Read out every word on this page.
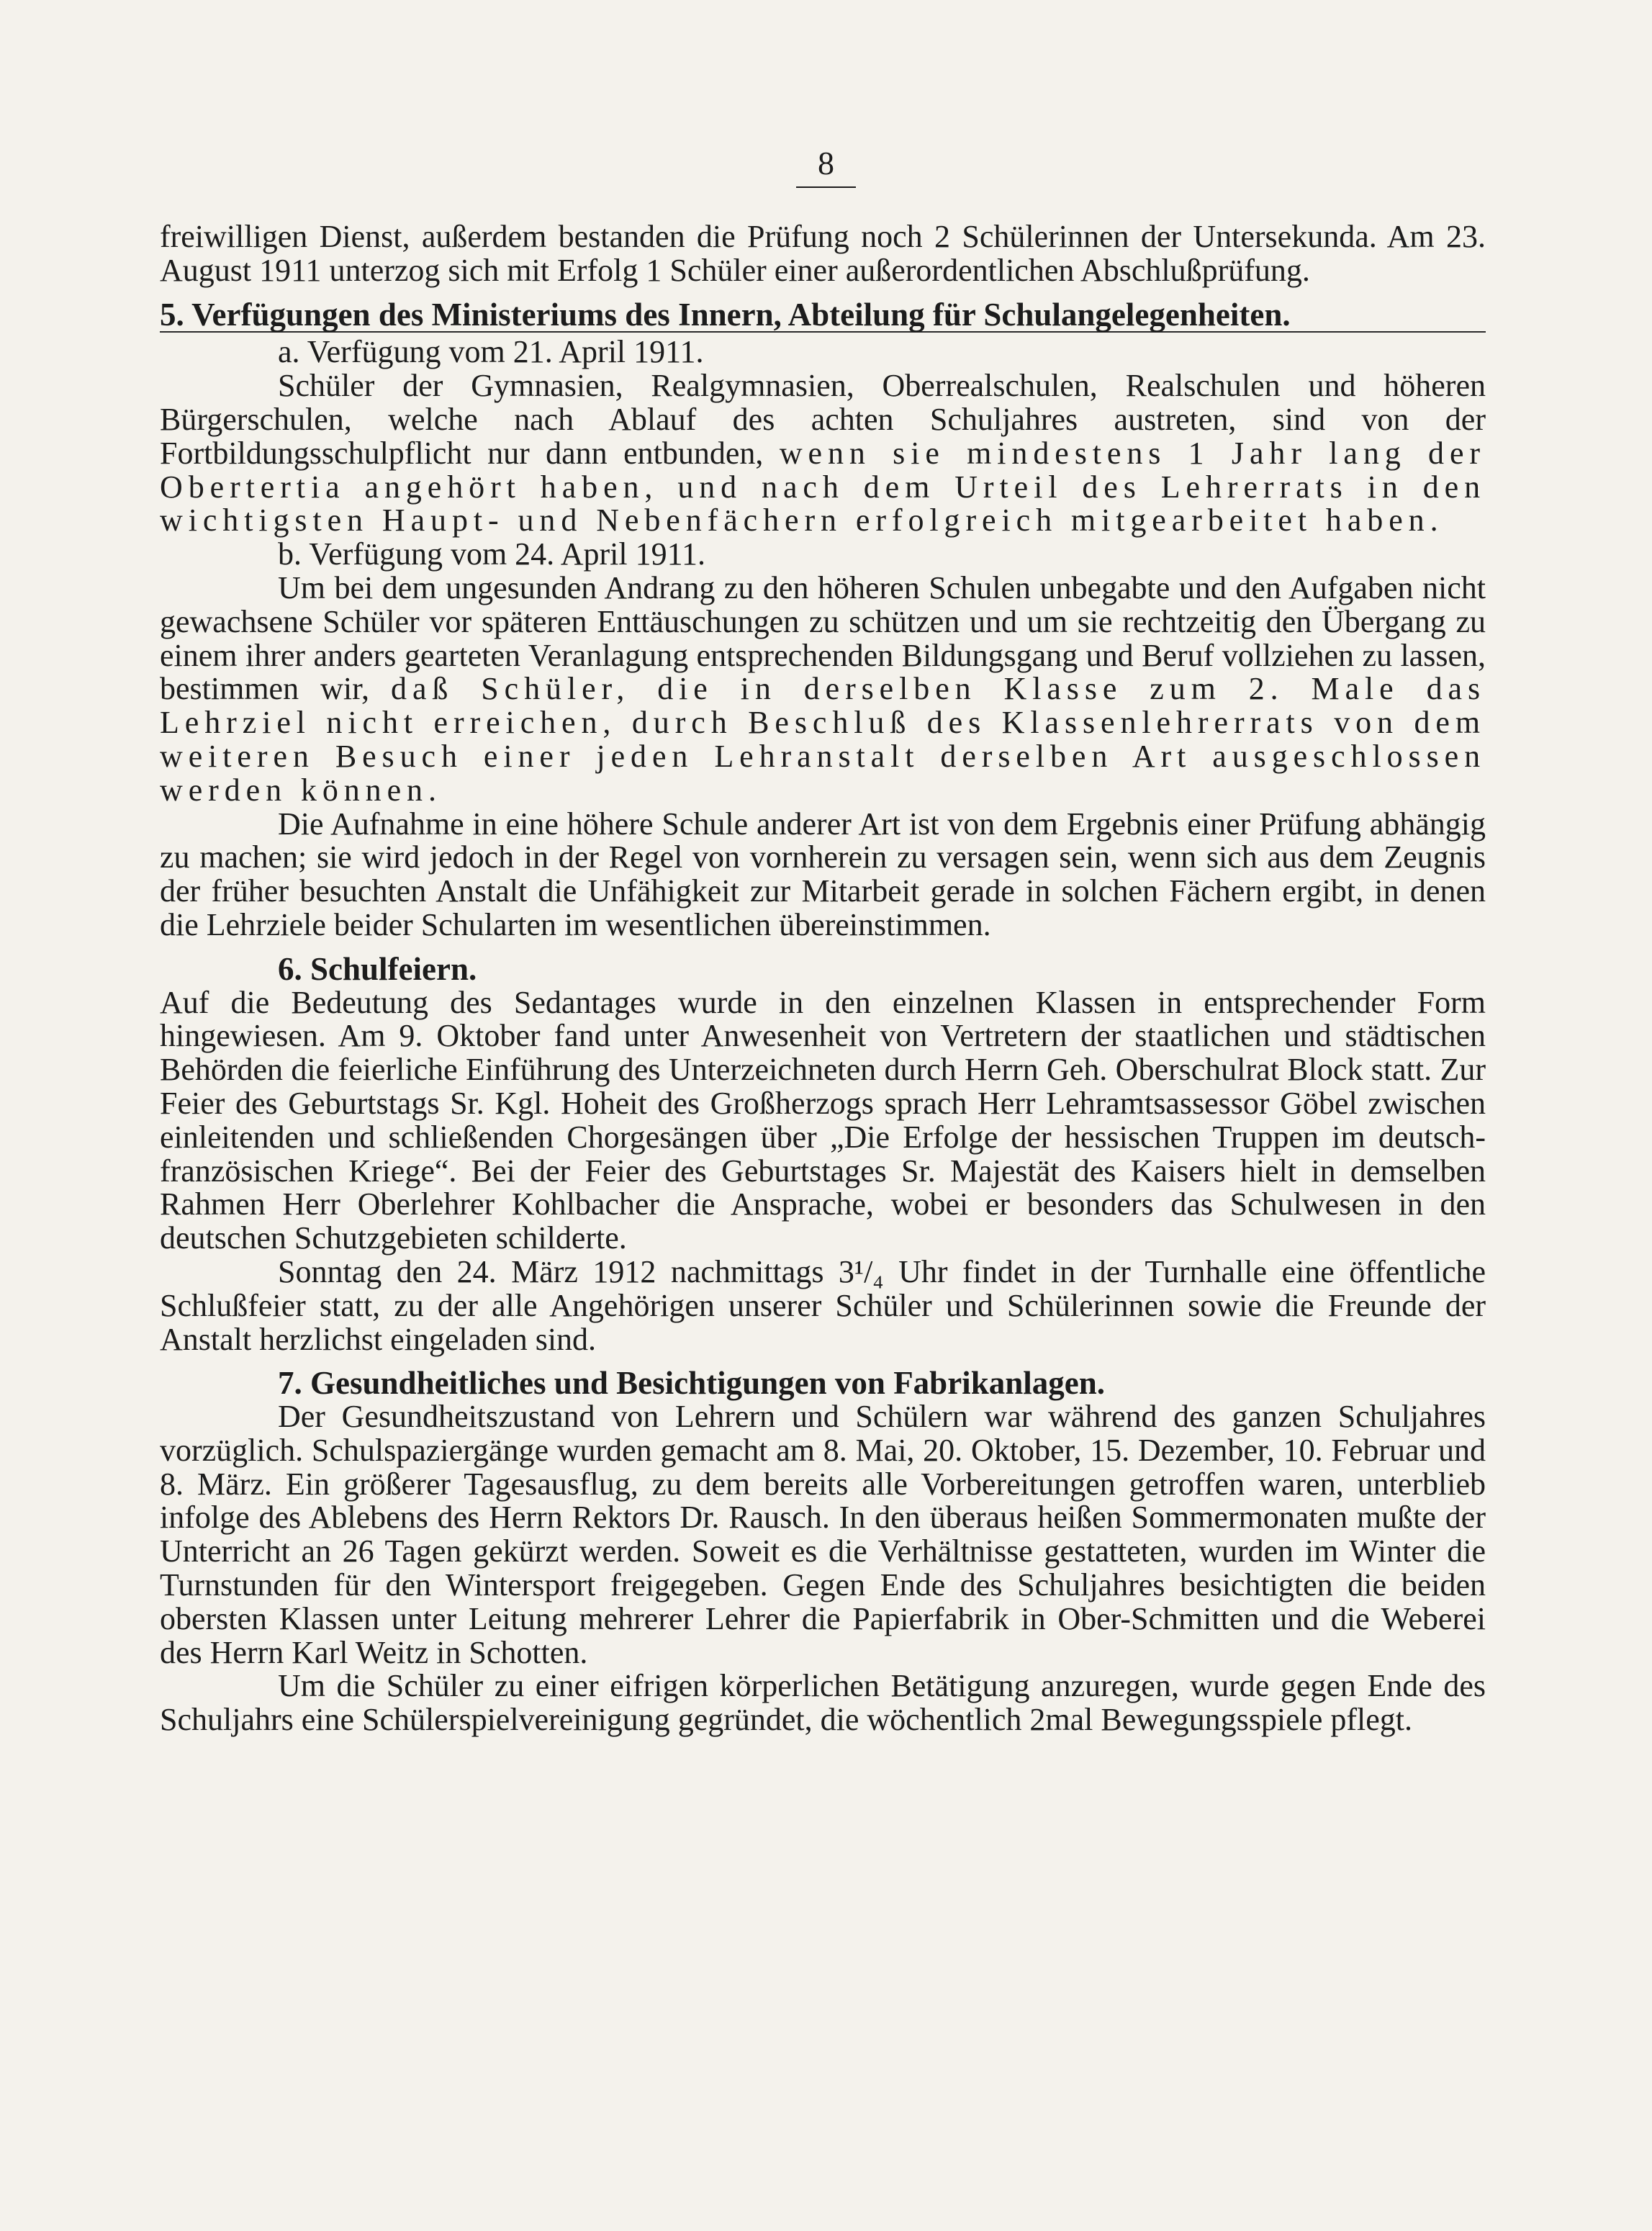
8

freiwilligen Dienst, außerdem bestanden die Prüfung noch 2 Schülerinnen der Untersekunda. Am 23. August 1911 unterzog sich mit Erfolg 1 Schüler einer außerordentlichen Abschlußprüfung.

5. Verfügungen des Ministeriums des Innern, Abteilung für Schulangelegenheiten.

a. Verfügung vom 21. April 1911.

Schüler der Gymnasien, Realgymnasien, Oberrealschulen, Realschulen und höheren Bürgerschulen, welche nach Ablauf des achten Schuljahres austreten, sind von der Fortbildungsschulpflicht nur dann entbunden, wenn sie mindestens 1 Jahr lang der Obertertia angehört haben, und nach dem Urteil des Lehrerrats in den wichtigsten Haupt- und Nebenfächern erfolgreich mitgearbeitet haben.

b. Verfügung vom 24. April 1911.

Um bei dem ungesunden Andrang zu den höheren Schulen unbegabte und den Aufgaben nicht gewachsene Schüler vor späteren Enttäuschungen zu schützen und um sie rechtzeitig den Übergang zu einem ihrer anders gearteten Veranlagung entsprechenden Bildungsgang und Beruf vollziehen zu lassen, bestimmen wir, daß Schüler, die in derselben Klasse zum 2. Male das Lehrziel nicht erreichen, durch Beschluß des Klassenlehrerrats von dem weiteren Besuch einer jeden Lehranstalt derselben Art ausgeschlossen werden können.

Die Aufnahme in eine höhere Schule anderer Art ist von dem Ergebnis einer Prüfung abhängig zu machen; sie wird jedoch in der Regel von vornherein zu versagen sein, wenn sich aus dem Zeugnis der früher besuchten Anstalt die Unfähigkeit zur Mitarbeit gerade in solchen Fächern ergibt, in denen die Lehrziele beider Schularten im wesentlichen übereinstimmen.

6. Schulfeiern.

Auf die Bedeutung des Sedantages wurde in den einzelnen Klassen in entsprechender Form hingewiesen. Am 9. Oktober fand unter Anwesenheit von Vertretern der staatlichen und städtischen Behörden die feierliche Einführung des Unterzeichneten durch Herrn Geh. Oberschulrat Block statt. Zur Feier des Geburtstags Sr. Kgl. Hoheit des Großherzogs sprach Herr Lehramtsassessor Göbel zwischen einleitenden und schließenden Chorgesängen über „Die Erfolge der hessischen Truppen im deutsch-französischen Kriege“. Bei der Feier des Geburtstages Sr. Majestät des Kaisers hielt in demselben Rahmen Herr Oberlehrer Kohlbacher die Ansprache, wobei er besonders das Schulwesen in den deutschen Schutzgebieten schilderte.

Sonntag den 24. März 1912 nachmittags 3¹/₄ Uhr findet in der Turnhalle eine öffentliche Schlußfeier statt, zu der alle Angehörigen unserer Schüler und Schülerinnen sowie die Freunde der Anstalt herzlichst eingeladen sind.

7. Gesundheitliches und Besichtigungen von Fabrikanlagen.

Der Gesundheitszustand von Lehrern und Schülern war während des ganzen Schuljahres vorzüglich. Schulspaziergänge wurden gemacht am 8. Mai, 20. Oktober, 15. Dezember, 10. Februar und 8. März. Ein größerer Tagesausflug, zu dem bereits alle Vorbereitungen getroffen waren, unterblieb infolge des Ablebens des Herrn Rektors Dr. Rausch. In den überaus heißen Sommermonaten mußte der Unterricht an 26 Tagen gekürzt werden. Soweit es die Verhältnisse gestatteten, wurden im Winter die Turnstunden für den Wintersport freigegeben. Gegen Ende des Schuljahres besichtigten die beiden obersten Klassen unter Leitung mehrerer Lehrer die Papierfabrik in Ober-Schmitten und die Weberei des Herrn Karl Weitz in Schotten.

Um die Schüler zu einer eifrigen körperlichen Betätigung anzuregen, wurde gegen Ende des Schuljahrs eine Schülerspielvereinigung gegründet, die wöchentlich 2mal Bewegungsspiele pflegt.
